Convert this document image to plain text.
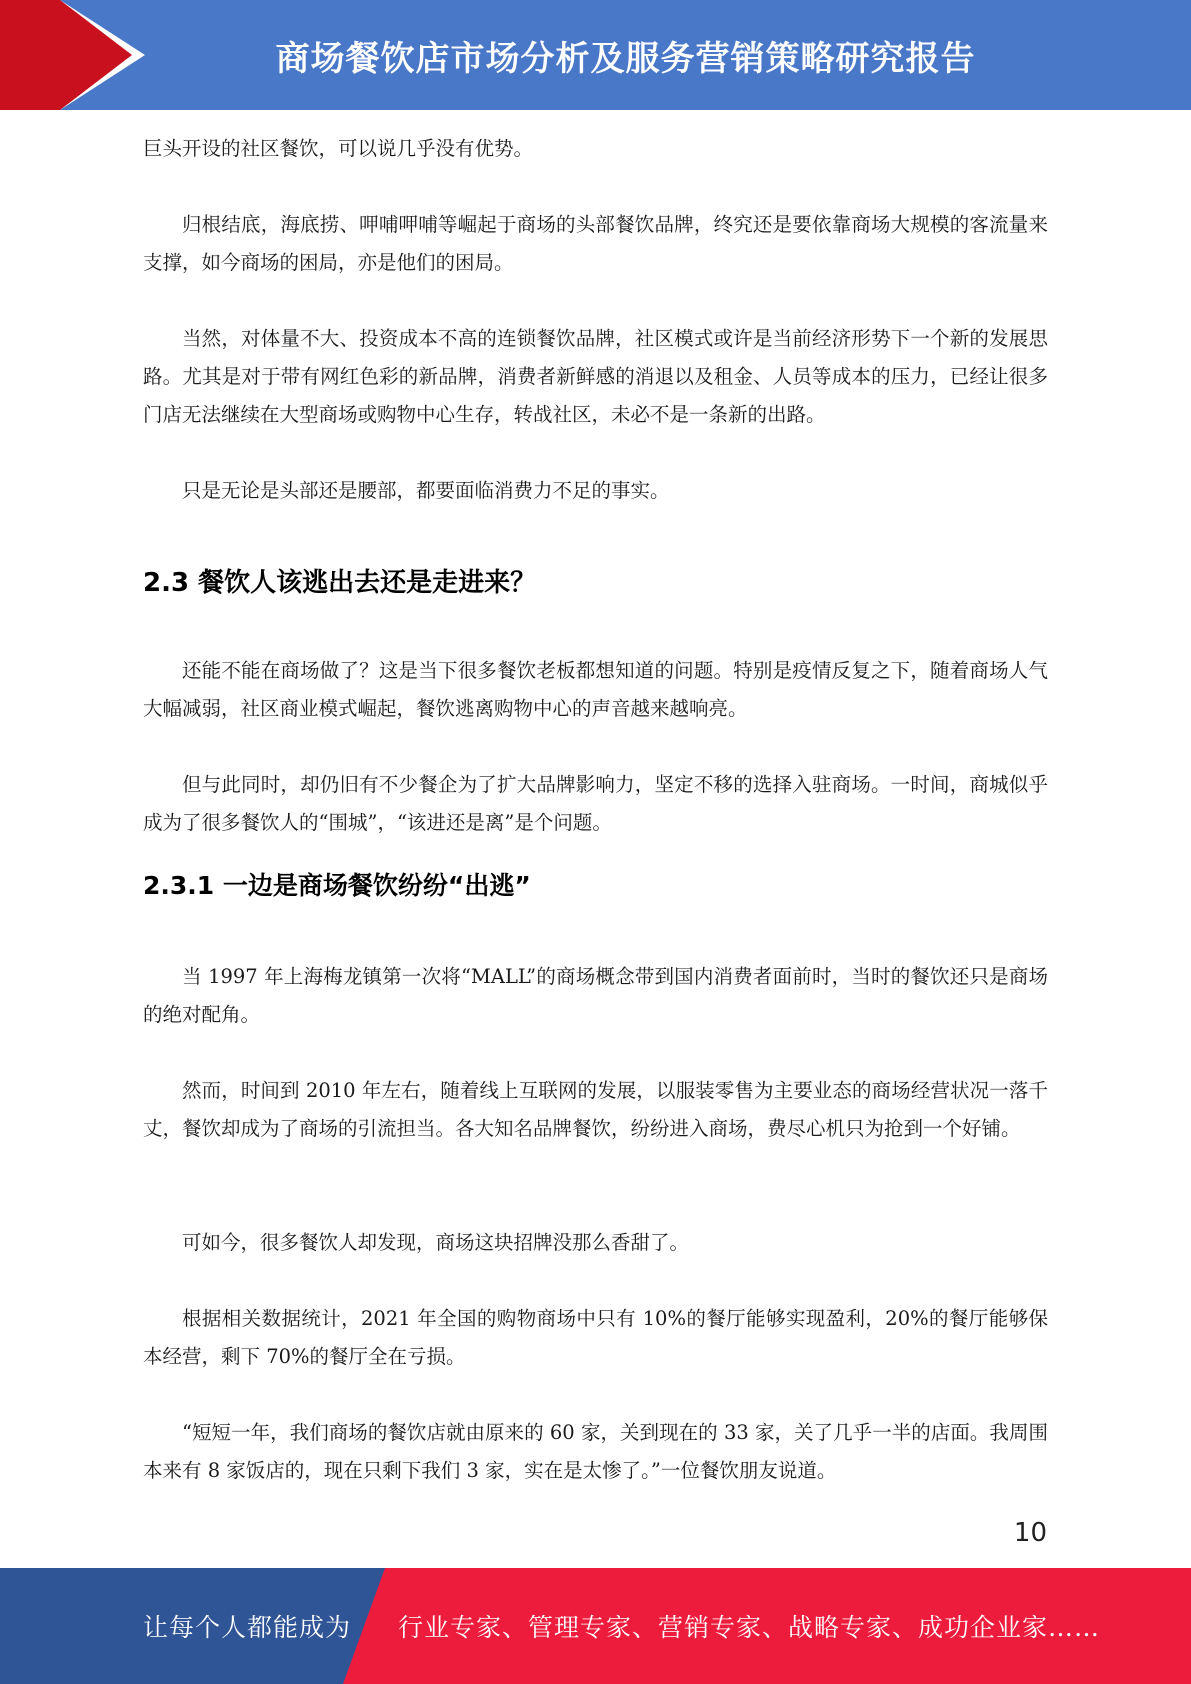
商场餐饮店市场分析及服务营销策略研究报告

巨头开设的社区餐饮，可以说几乎没有优势。

归根结底，海底捞、呷哺呷哺等崛起于商场的头部餐饮品牌，终究还是要依靠商场大规模的客流量来支撑，如今商场的困局，亦是他们的困局。

当然，对体量不大、投资成本不高的连锁餐饮品牌，社区模式或许是当前经济形势下一个新的发展思路。尤其是对于带有网红色彩的新品牌，消费者新鲜感的消退以及租金、人员等成本的压力，已经让很多门店无法继续在大型商场或购物中心生存，转战社区，未必不是一条新的出路。

只是无论是头部还是腰部，都要面临消费力不足的事实。

2.3 餐饮人该逃出去还是走进来？

还能不能在商场做了？这是当下很多餐饮老板都想知道的问题。特别是疫情反复之下，随着商场人气大幅减弱，社区商业模式崛起，餐饮逃离购物中心的声音越来越响亮。

但与此同时，却仍旧有不少餐企为了扩大品牌影响力，坚定不移的选择入驻商场。一时间，商城似乎成为了很多餐饮人的“围城”，“该进还是离”是个问题。

2.3.1 一边是商场餐饮纷纷“出逃”

当 1997 年上海梅龙镇第一次将“MALL”的商场概念带到国内消费者面前时，当时的餐饮还只是商场的绝对配角。

然而，时间到 2010 年左右，随着线上互联网的发展，以服装零售为主要业态的商场经营状况一落千丈，餐饮却成为了商场的引流担当。各大知名品牌餐饮，纷纷进入商场，费尽心机只为抢到一个好铺。

可如今，很多餐饮人却发现，商场这块招牌没那么香甜了。

根据相关数据统计，2021 年全国的购物商场中只有 10%的餐厅能够实现盈利，20%的餐厅能够保本经营，剩下 70%的餐厅全在亏损。

“短短一年，我们商场的餐饮店就由原来的 60 家，关到现在的 33 家，关了几乎一半的店面。我周围本来有 8 家饭店的，现在只剩下我们 3 家，实在是太惨了。”一位餐饮朋友说道。

10
让每个人都能成为 行业专家、管理专家、营销专家、战略专家、成功企业家……
